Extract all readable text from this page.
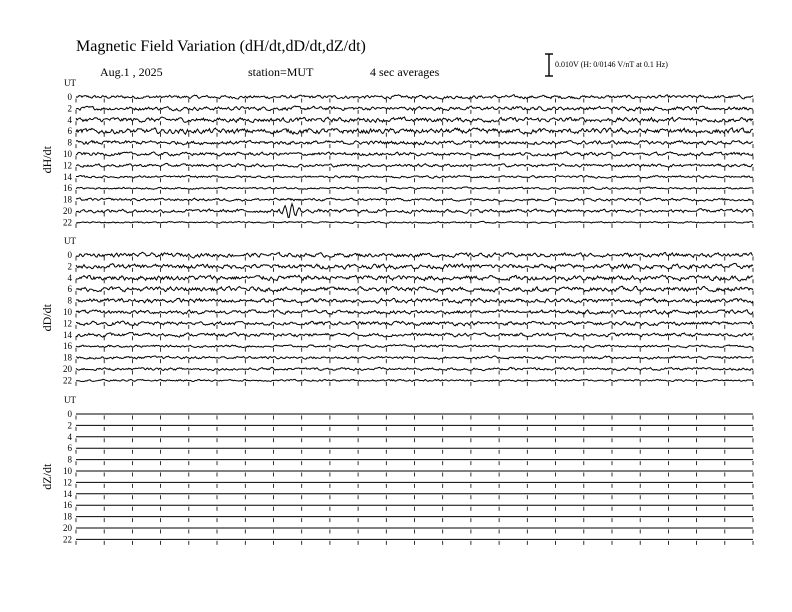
Magnetic Field Variation (dH/dt,dD/dt,dZ/dt)
Aug.1 , 2025	station=MUT	4 sec averages
0.010V (H: 0/0146 V/nT at 0.1 Hz)
UT
dH/dt
0
2
4
6
8
10
12
14
16
18
20
22
UT
dD/dt
0
2
4
6
8
10
12
14
16
18
20
22
UT
dZ/dt
0
2
4
6
8
10
12
14
16
18
20
22
